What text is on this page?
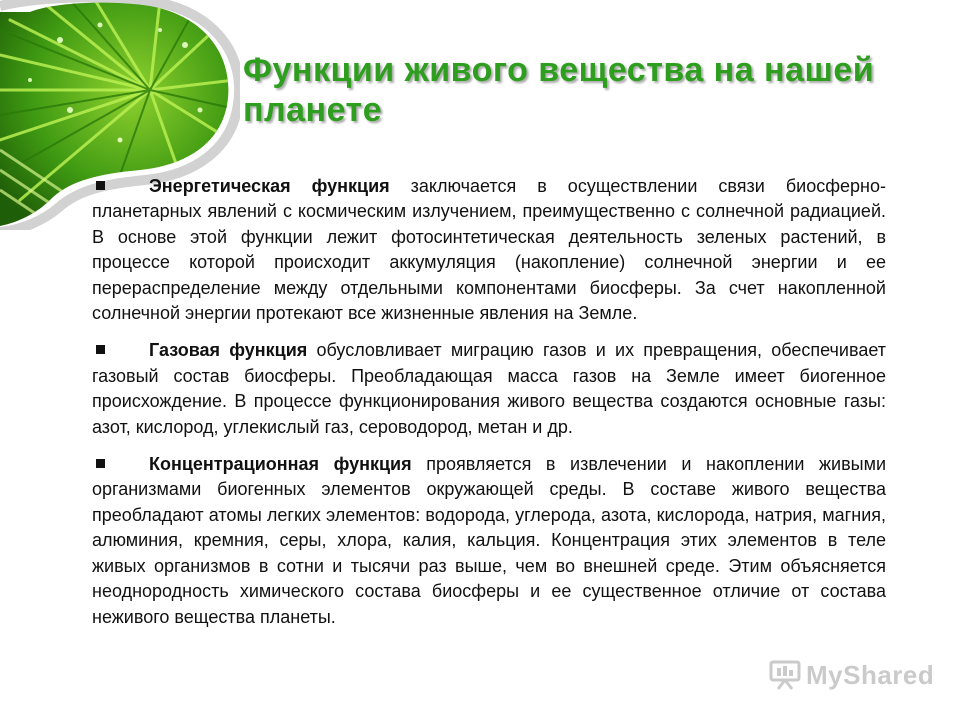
Функции живого вещества на нашей планете

Энергетическая функция заключается в осуществлении связи биосферно-планетарных явлений с космическим излучением, преимущественно с солнечной радиацией. В основе этой функции лежит фотосинтетическая деятельность зеленых растений, в процессе которой происходит аккумуляция (накопление) солнечной энергии и ее перераспределение между отдельными компонентами биосферы. За счет накопленной солнечной энергии протекают все жизненные явления на Земле.

Газовая функция обусловливает миграцию газов и их превращения, обеспечивает газовый состав биосферы. Преобладающая масса газов на Земле имеет биогенное происхождение. В процессе функционирования живого вещества создаются основные газы: азот, кислород, углекислый газ, сероводород, метан и др.

Концентрационная функция проявляется в извлечении и накоплении живыми организмами биогенных элементов окружающей среды. В составе живого вещества преобладают атомы легких элементов: водорода, углерода, азота, кислорода, натрия, магния, алюминия, кремния, серы, хлора, калия, кальция. Концентрация этих элементов в теле живых организмов в сотни и тысячи раз выше, чем во внешней среде. Этим объясняется неоднородность химического состава биосферы и ее существенное отличие от состава неживого вещества планеты.

MyShared
